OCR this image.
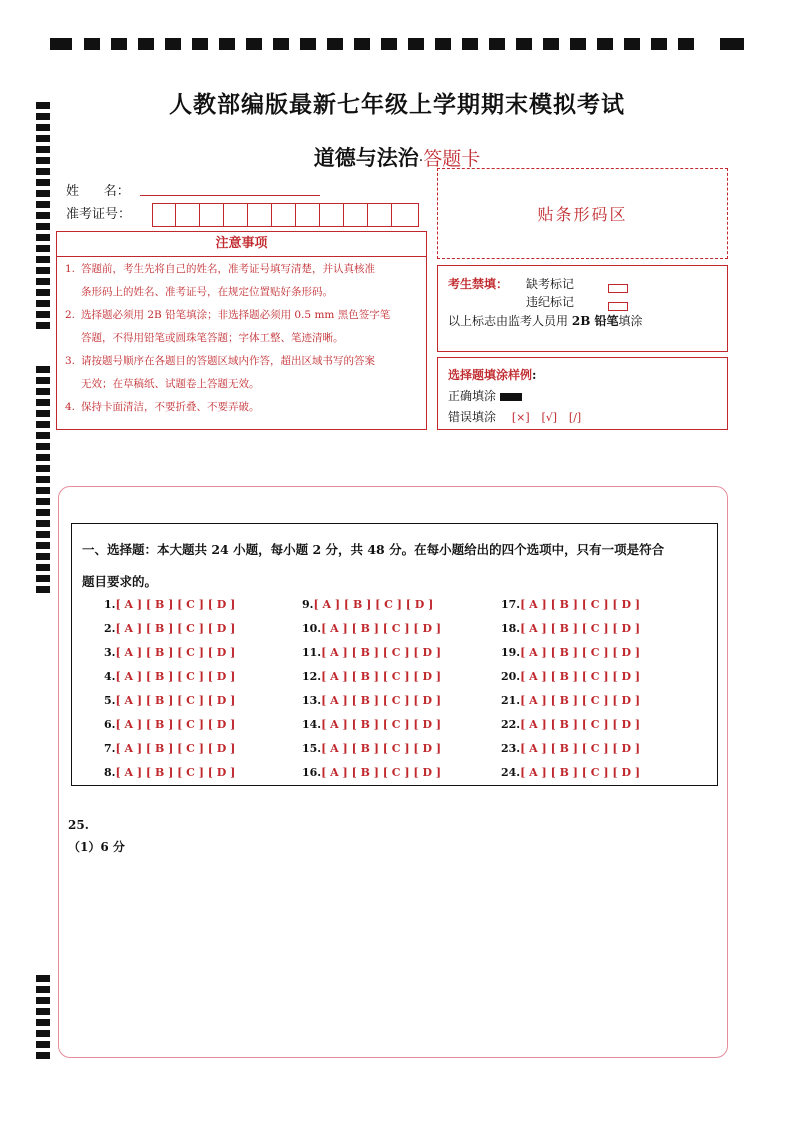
人教部编版最新七年级上学期期末模拟考试
道德与法治·答题卡
姓      名：
准考证号：	贴条形码区
注意事项
1. 答题前，考生先将自己的姓名，准考证号填写清楚，并认真核准
条形码上的姓名、准考证号，在规定位置贴好条形码。
2. 选择题必须用 2B 铅笔填涂；非选择题必须用 0.5 mm 黑色签字笔
答题，不得用铅笔或圆珠笔答题；字体工整、笔迹清晰。
3. 请按题号顺序在各题目的答题区域内作答，超出区域书写的答案
无效；在草稿纸、试题卷上答题无效。
4. 保持卡面清洁，不要折叠、不要弄破。
考生禁填： 缺考标记
违纪标记
以上标志由监考人员用 2B 铅笔填涂
选择题填涂样例:
正确填涂
错误填涂 [×] [√] [/]
一、选择题：本大题共 24 小题，每小题 2 分，共 48 分。在每小题给出的四个选项中，只有一项是符合
题目要求的。
1.[ A ] [ B ] [ C ] [ D ]
2.[ A ] [ B ] [ C ] [ D ]
3.[ A ] [ B ] [ C ] [ D ]
4.[ A ] [ B ] [ C ] [ D ]
5.[ A ] [ B ] [ C ] [ D ]
6.[ A ] [ B ] [ C ] [ D ]
7.[ A ] [ B ] [ C ] [ D ]
8.[ A ] [ B ] [ C ] [ D ]
9.[ A ] [ B ] [ C ] [ D ]
10.[ A ] [ B ] [ C ] [ D ]
11.[ A ] [ B ] [ C ] [ D ]
12.[ A ] [ B ] [ C ] [ D ]
13.[ A ] [ B ] [ C ] [ D ]
14.[ A ] [ B ] [ C ] [ D ]
15.[ A ] [ B ] [ C ] [ D ]
16.[ A ] [ B ] [ C ] [ D ]
17.[ A ] [ B ] [ C ] [ D ]
18.[ A ] [ B ] [ C ] [ D ]
19.[ A ] [ B ] [ C ] [ D ]
20.[ A ] [ B ] [ C ] [ D ]
21.[ A ] [ B ] [ C ] [ D ]
22.[ A ] [ B ] [ C ] [ D ]
23.[ A ] [ B ] [ C ] [ D ]
24.[ A ] [ B ] [ C ] [ D ]
25.
（1）6 分
